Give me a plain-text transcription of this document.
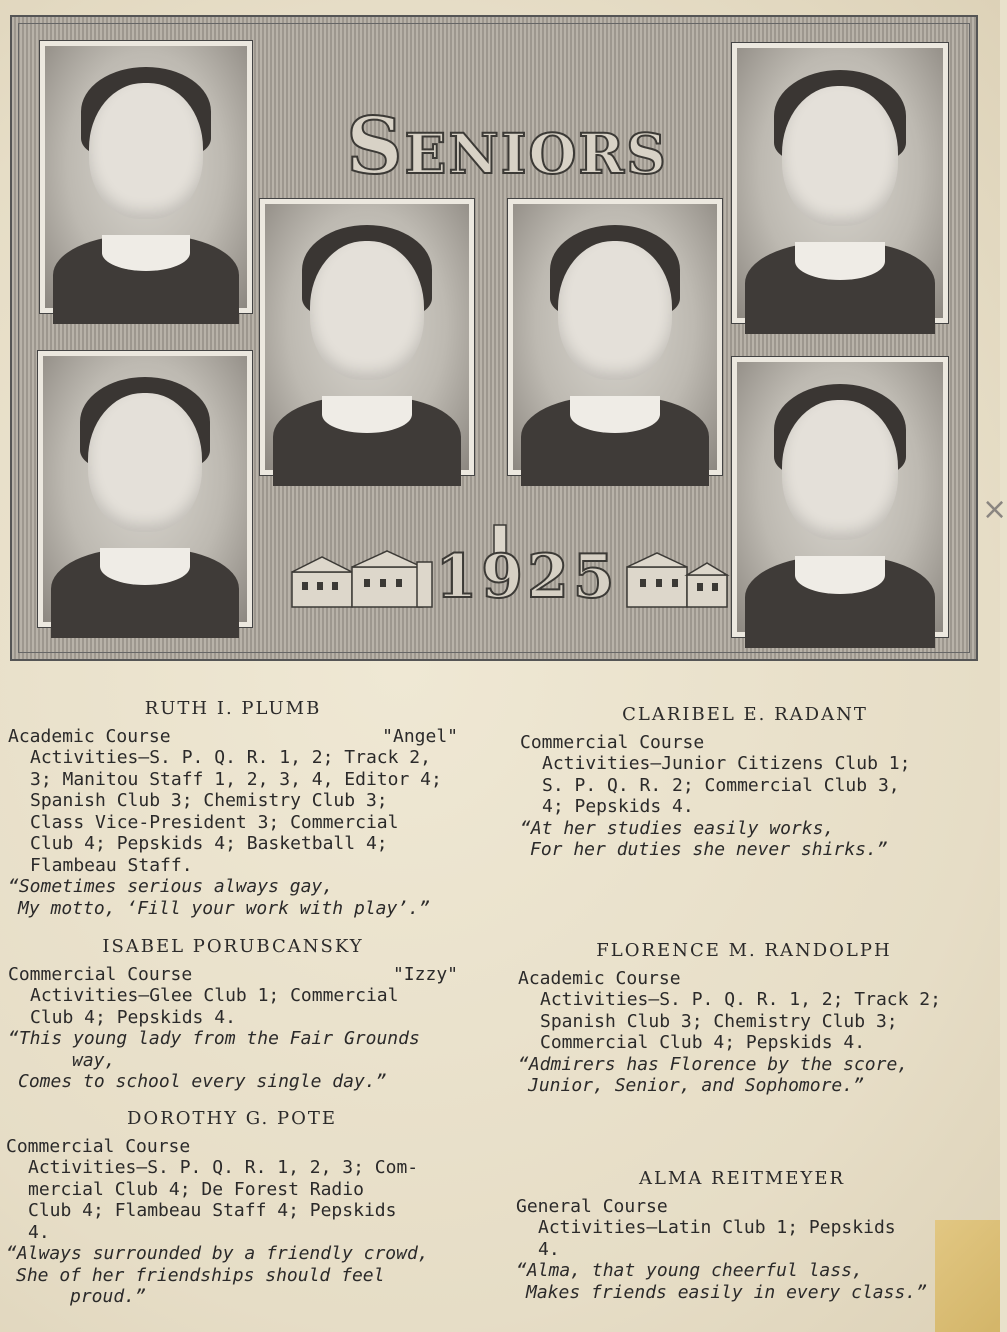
Seniors
1925
×
RUTH I. PLUMB
Academic Course	"Angel"
Activities—S. P. Q. R. 1, 2; Track 2,
3; Manitou Staff 1, 2, 3, 4, Editor 4;
Spanish Club 3; Chemistry Club 3;
Class Vice-President 3; Commercial
Club 4; Pepskids 4; Basketball 4;
Flambeau Staff.
“Sometimes serious always gay,
My motto, ‘Fill your work with play’.”
ISABEL PORUBCANSKY
Commercial Course	"Izzy"
Activities—Glee Club 1; Commercial
Club 4; Pepskids 4.
“This young lady from the Fair Grounds
way,
Comes to school every single day.”
DOROTHY G. POTE
Commercial Course
Activities—S. P. Q. R. 1, 2, 3; Com-
mercial Club 4; De Forest Radio
Club 4; Flambeau Staff 4; Pepskids
4.
“Always surrounded by a friendly crowd,
She of her friendships should feel
proud.”
CLARIBEL E. RADANT
Commercial Course
Activities—Junior Citizens Club 1;
S. P. Q. R. 2; Commercial Club 3,
4; Pepskids 4.
“At her studies easily works,
For her duties she never shirks.”
FLORENCE M. RANDOLPH
Academic Course
Activities—S. P. Q. R. 1, 2; Track 2;
Spanish Club 3; Chemistry Club 3;
Commercial Club 4; Pepskids 4.
“Admirers has Florence by the score,
Junior, Senior, and Sophomore.”
ALMA REITMEYER
General Course
Activities—Latin Club 1; Pepskids
4.
“Alma, that young cheerful lass,
Makes friends easily in every class.”
